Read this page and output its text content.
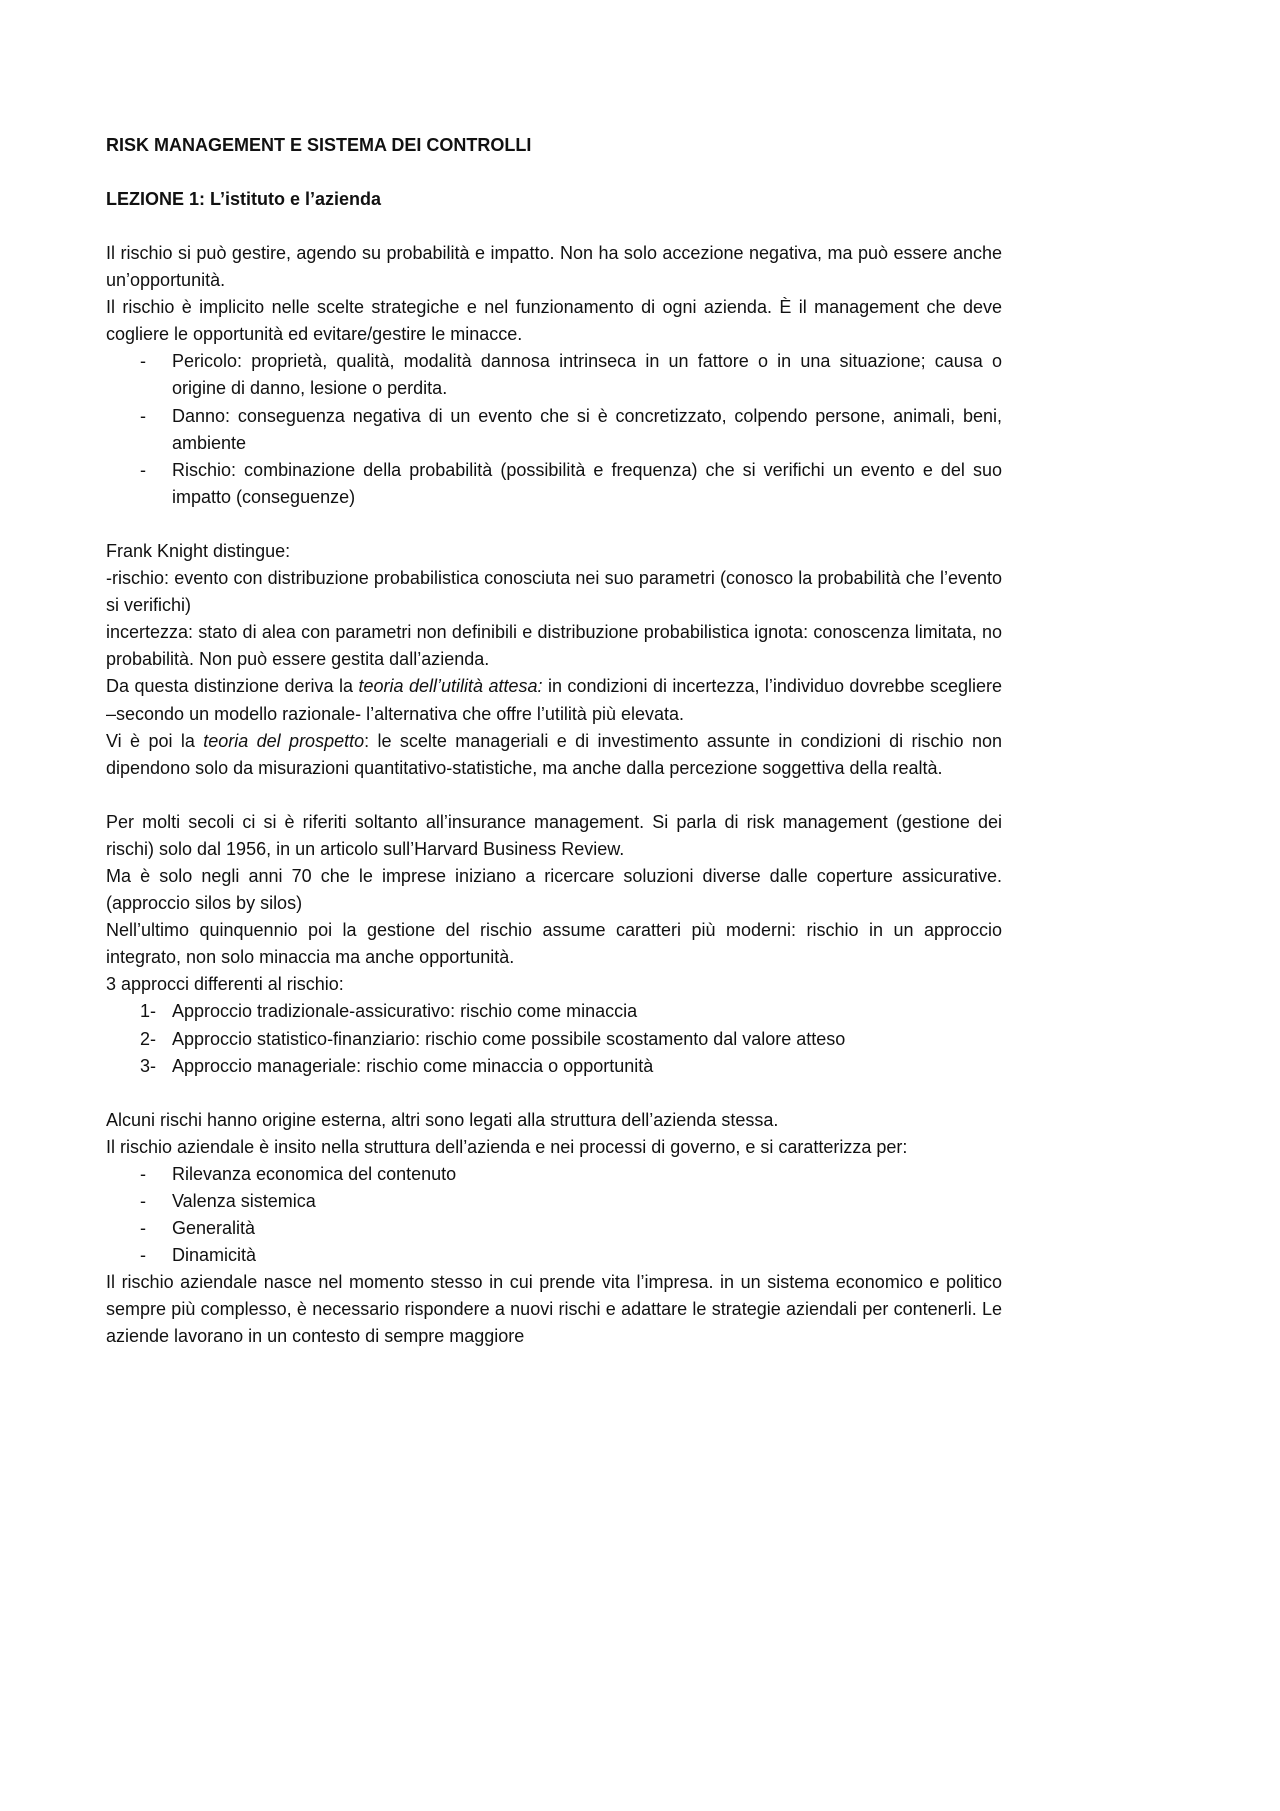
RISK MANAGEMENT E SISTEMA DEI CONTROLLI
LEZIONE 1: L’istituto e l’azienda

Il rischio si può gestire, agendo su probabilità e impatto. Non ha solo accezione negativa, ma può essere anche un’opportunità.

Il rischio è implicito nelle scelte strategiche e nel funzionamento di ogni azienda. È il management che deve cogliere le opportunità ed evitare/gestire le minacce.

- Pericolo: proprietà, qualità, modalità dannosa intrinseca in un fattore o in una situazione; causa o origine di danno, lesione o perdita.
- Danno: conseguenza negativa di un evento che si è concretizzato, colpendo persone, animali, beni, ambiente
- Rischio: combinazione della probabilità (possibilità e frequenza) che si verifichi un evento e del suo impatto (conseguenze)

Frank Knight distingue:

-rischio: evento con distribuzione probabilistica conosciuta nei suo parametri (conosco la probabilità che l’evento si verifichi)

incertezza: stato di alea con parametri non definibili e distribuzione probabilistica ignota: conoscenza limitata, no probabilità. Non può essere gestita dall’azienda.

Da questa distinzione deriva la teoria dell’utilità attesa: in condizioni di incertezza, l’individuo dovrebbe scegliere –secondo un modello razionale- l’alternativa che offre l’utilità più elevata.

Vi è poi la teoria del prospetto: le scelte manageriali e di investimento assunte in condizioni di rischio non dipendono solo da misurazioni quantitativo-statistiche, ma anche dalla percezione soggettiva della realtà.

Per molti secoli ci si è riferiti soltanto all’insurance management. Si parla di risk management (gestione dei rischi) solo dal 1956, in un articolo sull’Harvard Business Review.

Ma è solo negli anni 70 che le imprese iniziano a ricercare soluzioni diverse dalle coperture assicurative. (approccio silos by silos)

Nell’ultimo quinquennio poi la gestione del rischio assume caratteri più moderni: rischio in un approccio integrato, non solo minaccia ma anche opportunità.

3 approcci differenti al rischio:

1- Approccio tradizionale-assicurativo: rischio come minaccia
2- Approccio statistico-finanziario: rischio come possibile scostamento dal valore atteso
3- Approccio manageriale: rischio come minaccia o opportunità

Alcuni rischi hanno origine esterna, altri sono legati alla struttura dell’azienda stessa.

Il rischio aziendale è insito nella struttura dell’azienda e nei processi di governo, e si caratterizza per:

- Rilevanza economica del contenuto
- Valenza sistemica
- Generalità
- Dinamicità

Il rischio aziendale nasce nel momento stesso in cui prende vita l’impresa. in un sistema economico e politico sempre più complesso, è necessario rispondere a nuovi rischi e adattare le strategie aziendali per contenerli. Le aziende lavorano in un contesto di sempre maggiore
